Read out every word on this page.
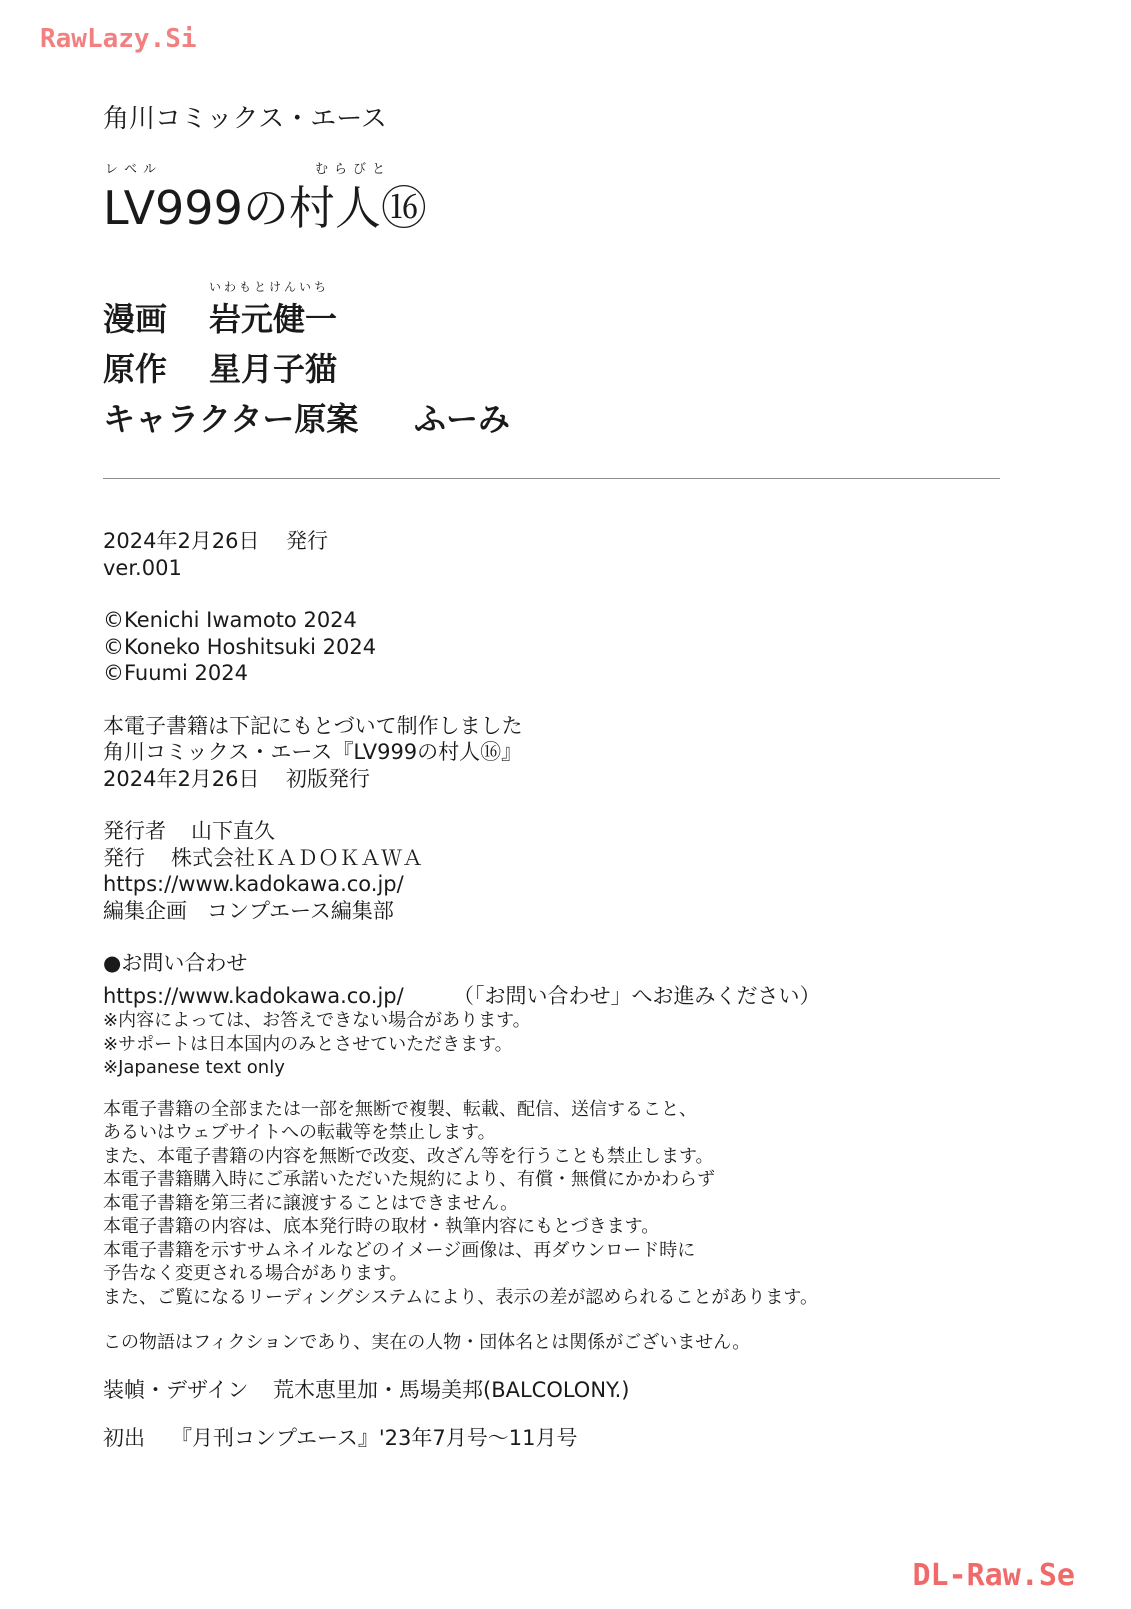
RawLazy.Si
角川コミックス・エース
レベル	むらびと
LV999の村人⑯
いわもとけんいち
漫画 岩元健一
原作 星月子猫
キャラクター原案 ふーみ
2024年2月26日 発行
ver.001
©Kenichi Iwamoto 2024
©Koneko Hoshitsuki 2024
©Fuumi 2024
本電子書籍は下記にもとづいて制作しました
角川コミックス・エース『LV999の村人⑯』
2024年2月26日 初版発行
発行者 山下直久
発行 株式会社ＫＡＤＯＫＡＷＡ
https://www.kadokawa.co.jp/
編集企画 コンプエース編集部
●お問い合わせ
https://www.kadokawa.co.jp/ （「お問い合わせ」へお進みください）
※内容によっては、お答えできない場合があります。
※サポートは日本国内のみとさせていただきます。
※Japanese text only
本電子書籍の全部または一部を無断で複製、転載、配信、送信すること、
あるいはウェブサイトへの転載等を禁止します。
また、本電子書籍の内容を無断で改変、改ざん等を行うことも禁止します。
本電子書籍購入時にご承諾いただいた規約により、有償・無償にかかわらず
本電子書籍を第三者に譲渡することはできません。
本電子書籍の内容は、底本発行時の取材・執筆内容にもとづきます。
本電子書籍を示すサムネイルなどのイメージ画像は、再ダウンロード時に
予告なく変更される場合があります。
また、ご覧になるリーディングシステムにより、表示の差が認められることがあります。
この物語はフィクションであり、実在の人物・団体名とは関係がございません。
装幀・デザイン 荒木恵里加・馬場美邦(BALCOLONY.)
初出 『月刊コンプエース』'23年7月号〜11月号
DL-Raw.Se
